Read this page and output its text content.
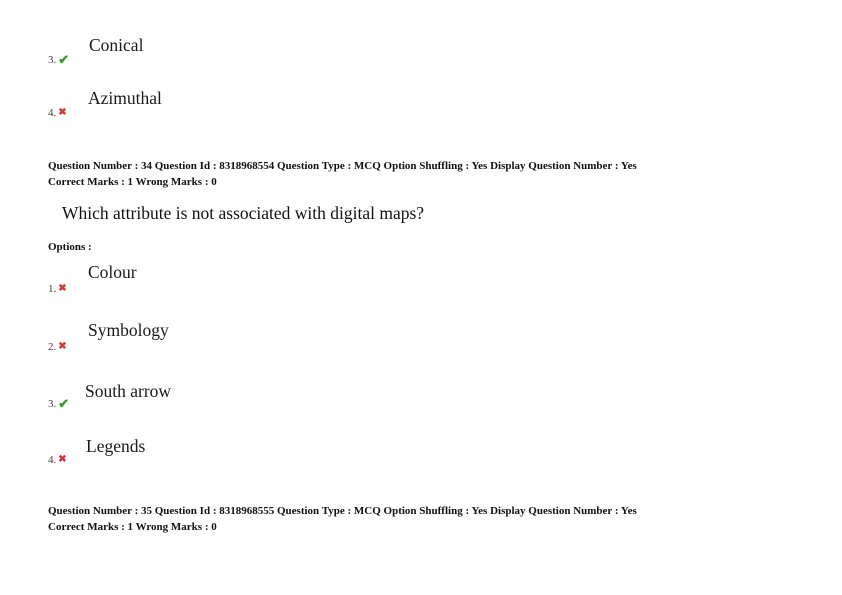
Conical
3. ✔
Azimuthal
4. ✖
Question Number : 34 Question Id : 8318968554 Question Type : MCQ Option Shuffling : Yes Display Question Number : Yes
Correct Marks : 1 Wrong Marks : 0
Which attribute is not associated with digital maps?
Options :
Colour
1. ✖
Symbology
2. ✖
South arrow
3. ✔
Legends
4. ✖
Question Number : 35 Question Id : 8318968555 Question Type : MCQ Option Shuffling : Yes Display Question Number : Yes
Correct Marks : 1 Wrong Marks : 0
